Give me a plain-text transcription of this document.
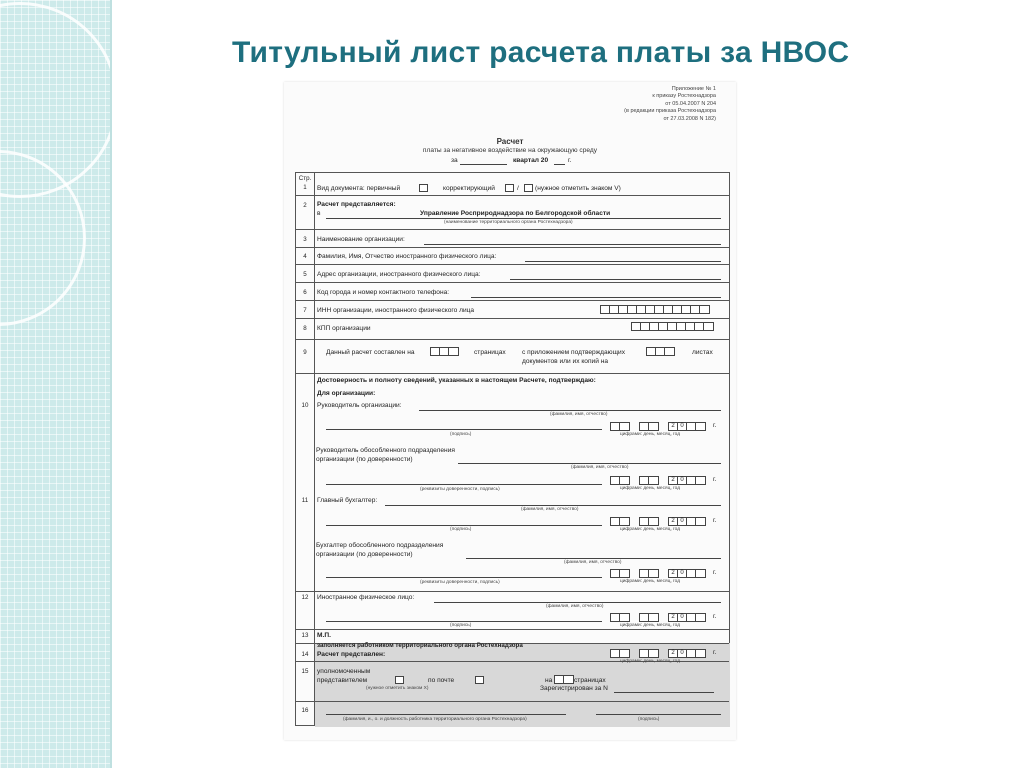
Титульный лист расчета платы за НВОС
Приложение № 1
к приказу Ростехнадзора
от 05.04.2007 N 204
(в редакции приказа Ростехнадзора
от 27.03.2008 N 182)
Расчет
платы за негативное воздействие на окружающую среду
за	квартал 20	г.
Стр.
1	Вид документа: первичный	корректирующий	/ (нужное отметить знаком V)
2	Расчет представляется:
в	Управление Росприроднадзора по Белгородской области
(наименование территориального органа Ростехнадзора)
3	Наименование организации:
4	Фамилия, Имя, Отчество иностранного физического лица:
5	Адрес организации, иностранного физического лица:
6	Код города и номер контактного телефона:
7	ИНН организации, иностранного физического лица
8	КПП организации
9	Данный расчет составлен на	страницах с приложением подтверждающих
документов или их копий на
листах
Достоверность и полноту сведений, указанных в настоящем Расчете, подтверждаю:
Для организации:
10	Руководитель организации:
(фамилия, имя, отчество)
(подпись)
2 0	г.
цифрами: день, месяц, год
Руководитель обособленного подразделения
организации (по доверенности)
(фамилия, имя, отчество)
(реквизиты доверенности, подпись)
2 0	г.
цифрами: день, месяц, год
11	Главный бухгалтер:
(фамилия, имя, отчество)
(подпись)
2 0	г.
цифрами: день, месяц, год
Бухгалтер обособленного подразделения
организации (по доверенности)
(фамилия, имя, отчество)
(реквизиты доверенности, подпись)
2 0	г.
цифрами: день, месяц, год
12	Иностранное физическое лицо:
(фамилия, имя, отчество)
(подпись)
2 0	г.
цифрами: день, месяц, год
13	М.П.
заполняется работником территориального органа Ростехнадзора
14	Расчет представлен:	2 0	г.
цифрами: день, месяц, год
15	уполномоченным
представителем	по почте	на	страницах
(нужное отметить знаком X)	Зарегистрирован за N
16
(фамилия, и., о. и должность работника территориального органа Ростехнадзора)	(подпись)
